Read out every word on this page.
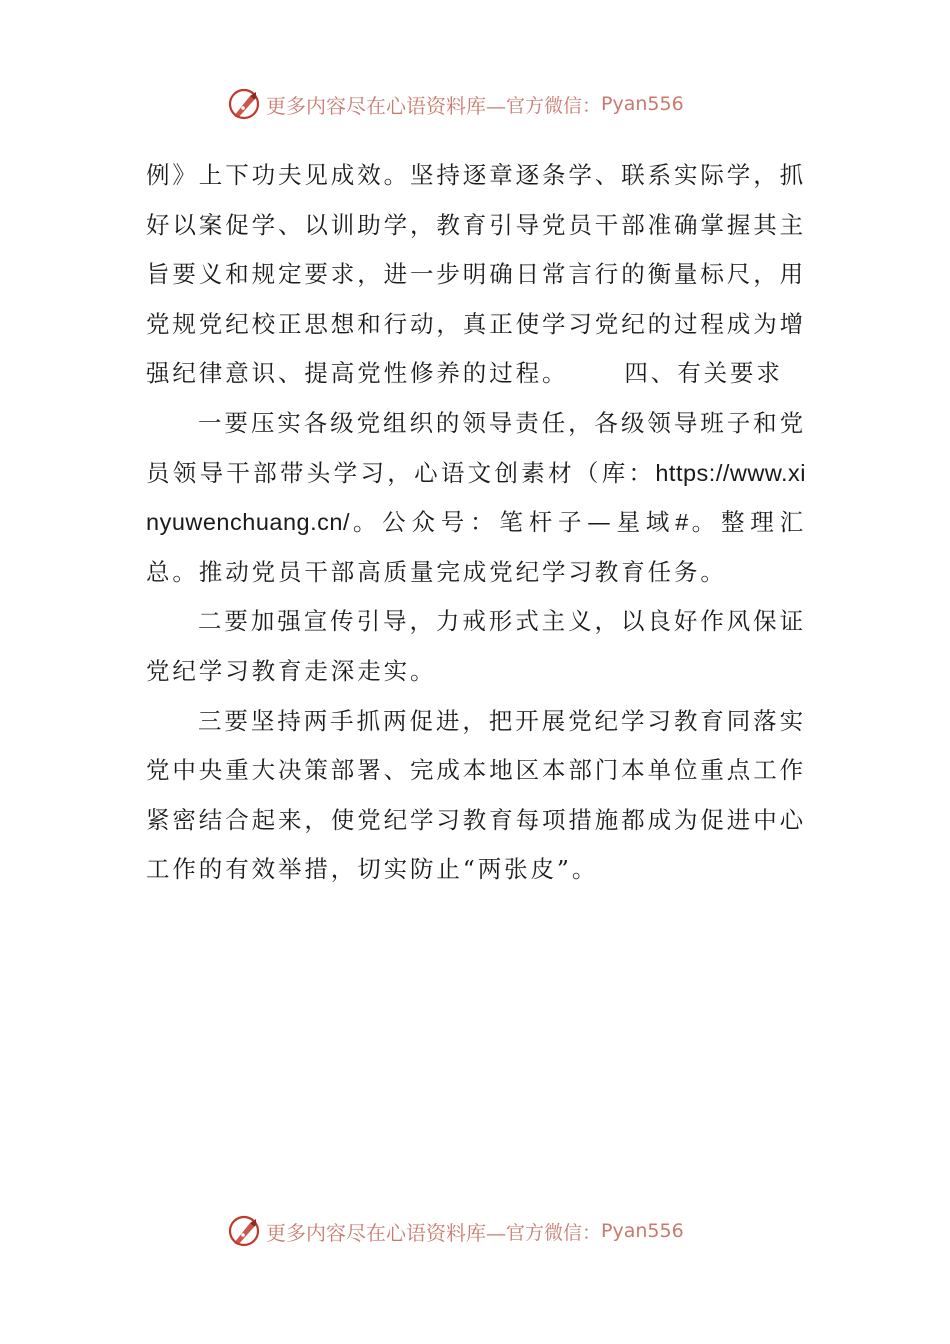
更多内容尽在心语资料库— 官方微信： Pyan556

例》上下功夫见成效。坚持逐章逐条学、联系实际学，抓好以案促学、以训助学，教育引导党员干部准确掌握其主旨要义和规定要求，进一步明确日常言行的衡量标尺，用党规党纪校正思想和行动，真正使学习党纪的过程成为增强纪律意识、提高党性修养的过程。 四、有关要求

一要压实各级党组织的领导责任，各级领导班子和党员领导干部带头学习，心语文创素材（库：https://www.xinyuwenchuang.cn/。公众号：笔杆子—星域#。整理汇总。推动党员干部高质量完成党纪学习教育任务。

二要加强宣传引导，力戒形式主义，以良好作风保证党纪学习教育走深走实。

三要坚持两手抓两促进，把开展党纪学习教育同落实党中央重大决策部署、完成本地区本部门本单位重点工作紧密结合起来，使党纪学习教育每项措施都成为促进中心工作的有效举措，切实防止“两张皮”。

更多内容尽在心语资料库— 官方微信： Pyan556
